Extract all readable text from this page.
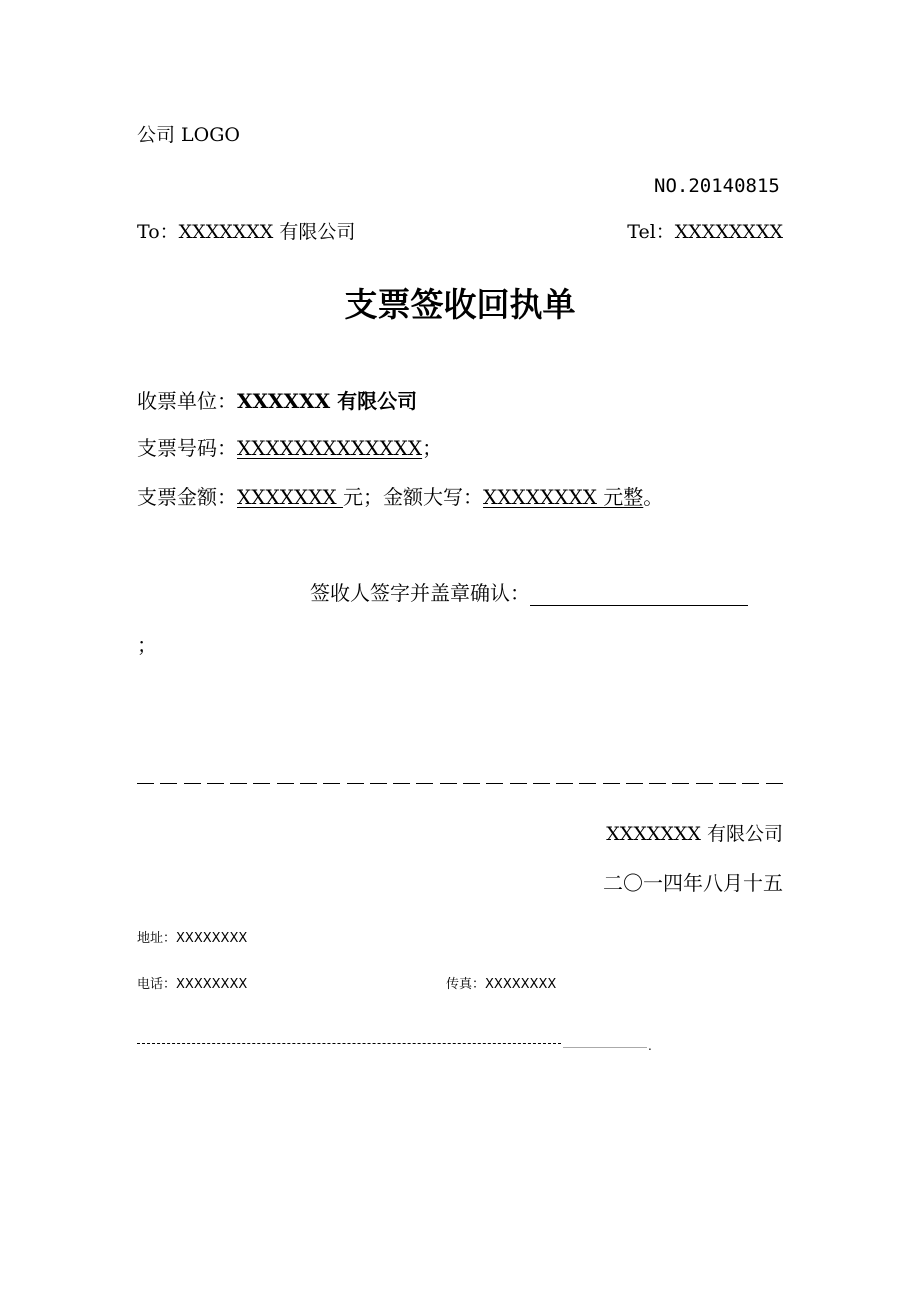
公司 LOGO
NO.20140815
To：XXXXXXX 有限公司	Tel：XXXXXXXX
支票签收回执单
收票单位：XXXXXX 有限公司
支票号码：XXXXXXXXXXXXX；
支票金额：XXXXXXX 元；金额大写：XXXXXXXX 元整。
签收人签字并盖章确认：
；
XXXXXXX 有限公司
二〇一四年八月十五
地址：XXXXXXXX
电话：XXXXXXXX	传真：XXXXXXXX
.
